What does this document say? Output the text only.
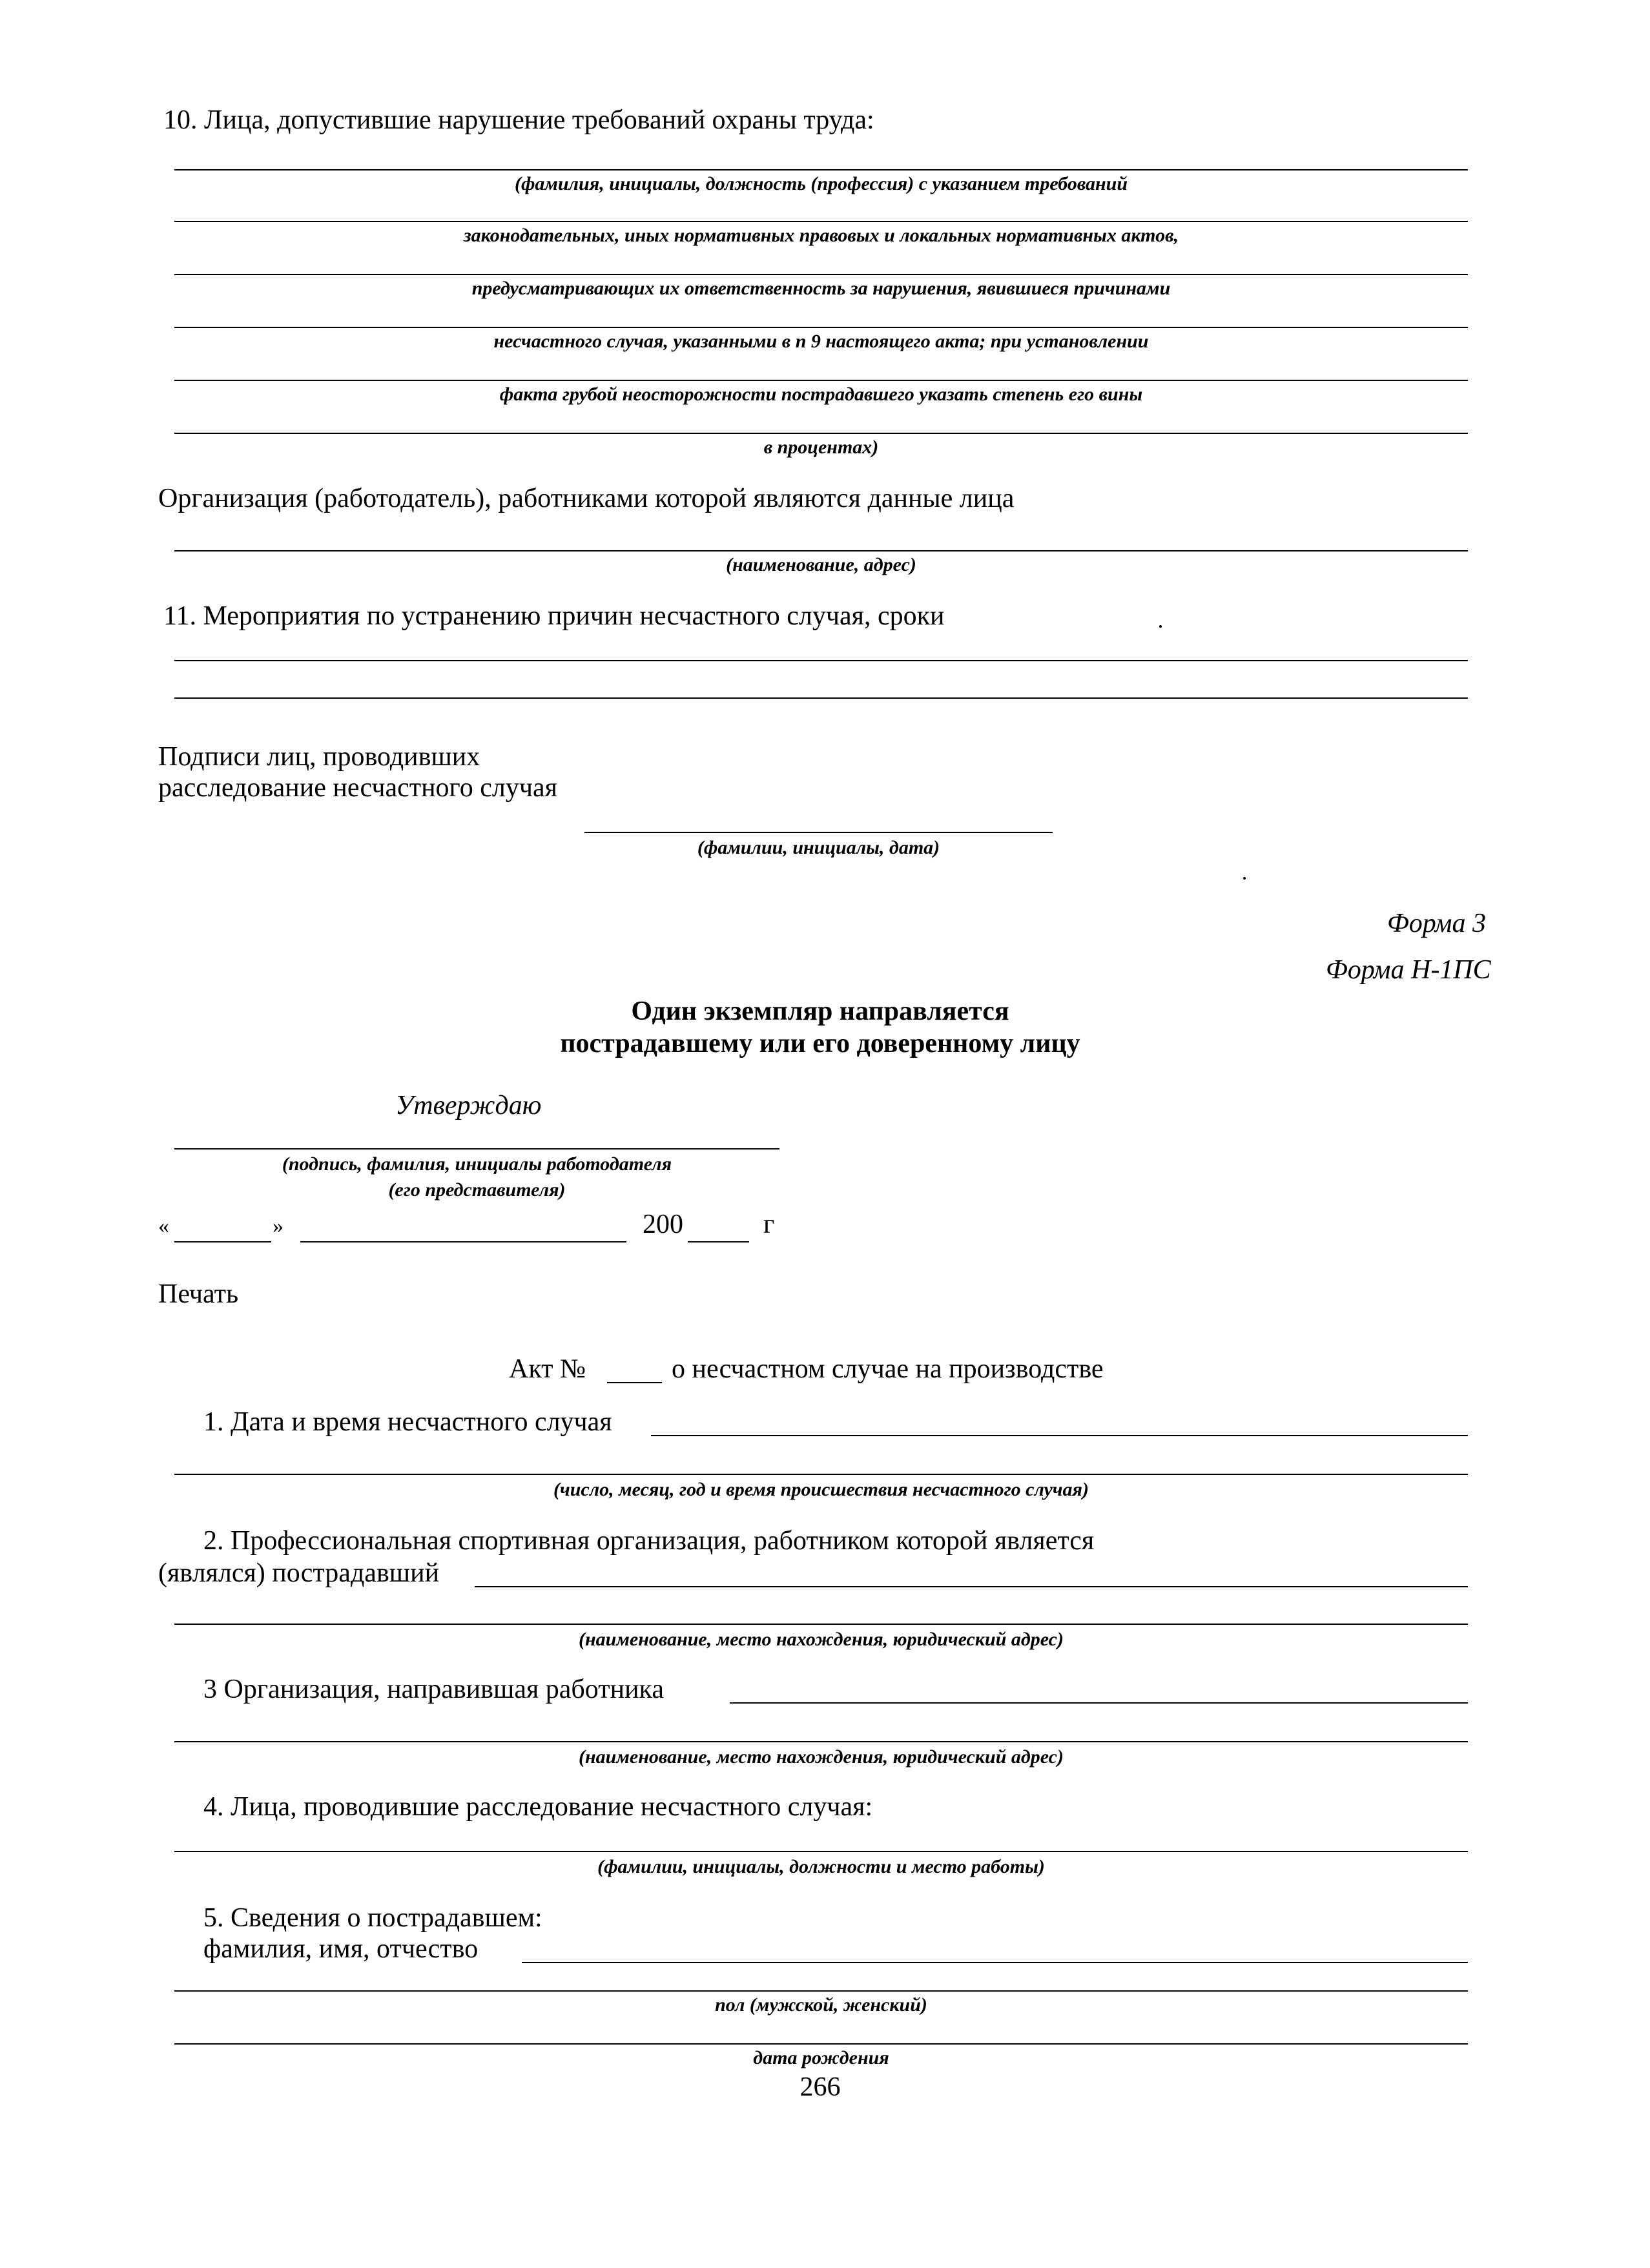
10. Лица, допустившие нарушение требований охраны труда:
(фамилия, инициалы, должность (профессия) с указанием требований
законодательных, иных нормативных правовых и локальных нормативных актов,
предусматривающих их ответственность за нарушения, явившиеся причинами
несчастного случая, указанными в п 9 настоящего акта; при установлении
факта грубой неосторожности пострадавшего указать степень его вины
в процентах)
Организация (работодатель), работниками которой являются данные лица
(наименование, адрес)
11. Мероприятия по устранению причин несчастного случая, сроки
Подписи лиц, проводивших
расследование несчастного случая
(фамилии, инициалы, дата)
Форма 3
Форма Н-1ПС
Один экземпляр направляется
пострадавшему или его доверенному лицу
Утверждаю
(подпись, фамилия, инициалы работодателя
(его представителя)
«	»	200	г
Печать
Акт №	о несчастном случае на производстве
1. Дата и время несчастного случая
(число, месяц, год и время происшествия несчастного случая)
2. Профессиональная спортивная организация, работником которой является
(являлся) пострадавший
(наименование, место нахождения, юридический адрес)
3 Организация, направившая работника
(наименование, место нахождения, юридический адрес)
4. Лица, проводившие расследование несчастного случая:
(фамилии, инициалы, должности и место работы)
5. Сведения о пострадавшем:
фамилия, имя, отчество
пол (мужской, женский)
дата рождения
266
